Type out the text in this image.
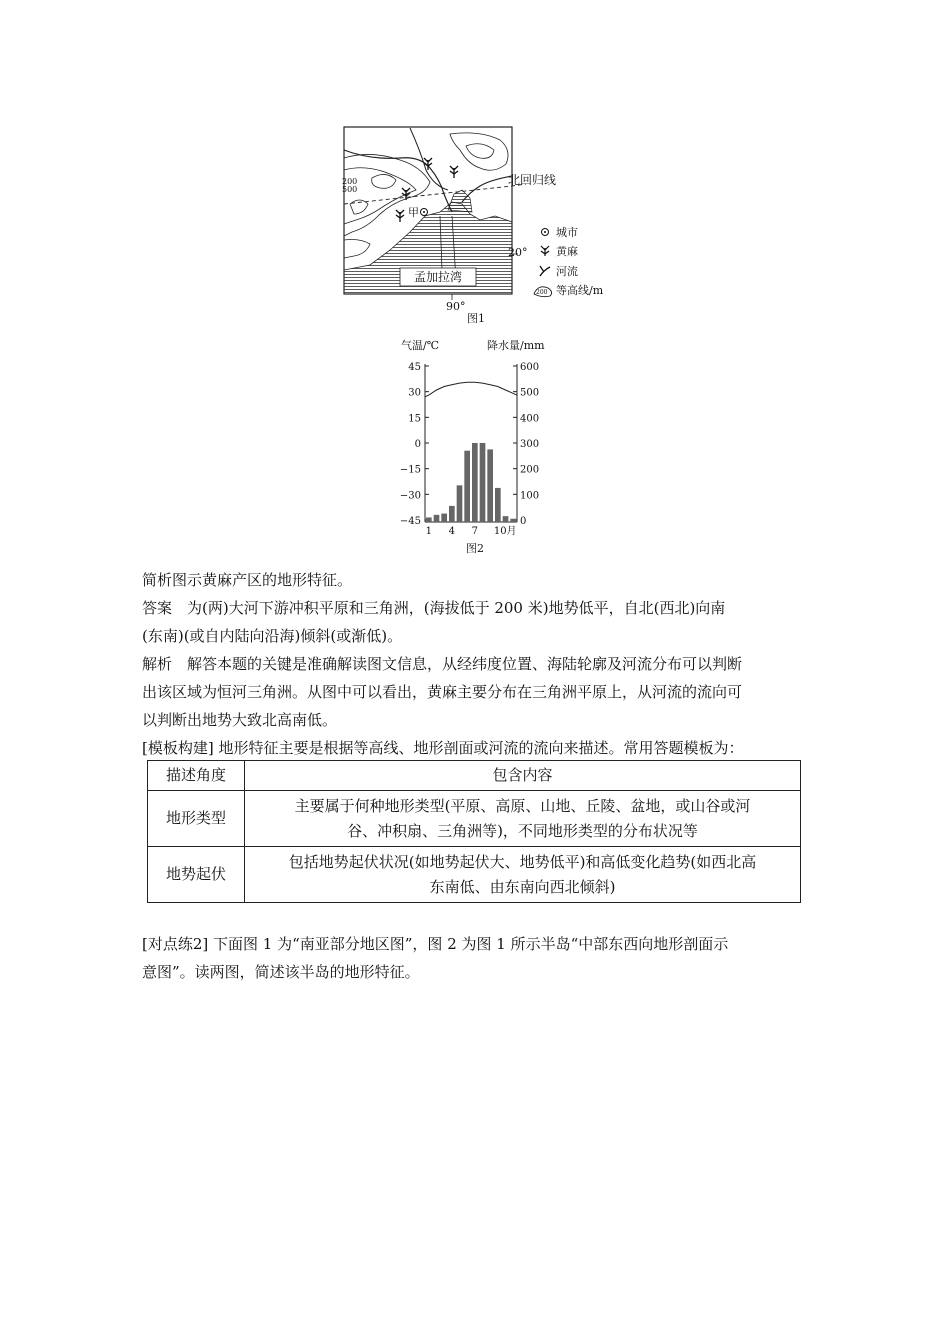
孟加拉湾
甲
200
500
北回归线
20°
90°
城市
黄麻
河流
200 等高线/m
图1
气温/℃	降水量/mm
45
30
15
0
−15
−30
−45
600
500
400
300
200
100
0
1 4 7 10月
图2
简析图示黄麻产区的地形特征。
答案  为(两)大河下游冲积平原和三角洲，(海拔低于 200 米)地势低平，自北(西北)向南
(东南)(或自内陆向沿海)倾斜(或渐低)。
解析  解答本题的关键是准确解读图文信息，从经纬度位置、海陆轮廓及河流分布可以判断
出该区域为恒河三角洲。从图中可以看出，黄麻主要分布在三角洲平原上，从河流的流向可
以判断出地势大致北高南低。
[模板构建] 地形特征主要是根据等高线、地形剖面或河流的流向来描述。常用答题模板为：
描述角度	包含内容
地形类型	主要属于何种地形类型(平原、高原、山地、丘陵、盆地，或山谷或河
谷、冲积扇、三角洲等)，不同地形类型的分布状况等

地势起伏	包括地势起伏状况(如地势起伏大、地势低平)和高低变化趋势(如西北高
东南低、由东南向西北倾斜)
[对点练2] 下面图 1 为“南亚部分地区图”，图 2 为图 1 所示半岛“中部东西向地形剖面示
意图”。读两图，简述该半岛的地形特征。
